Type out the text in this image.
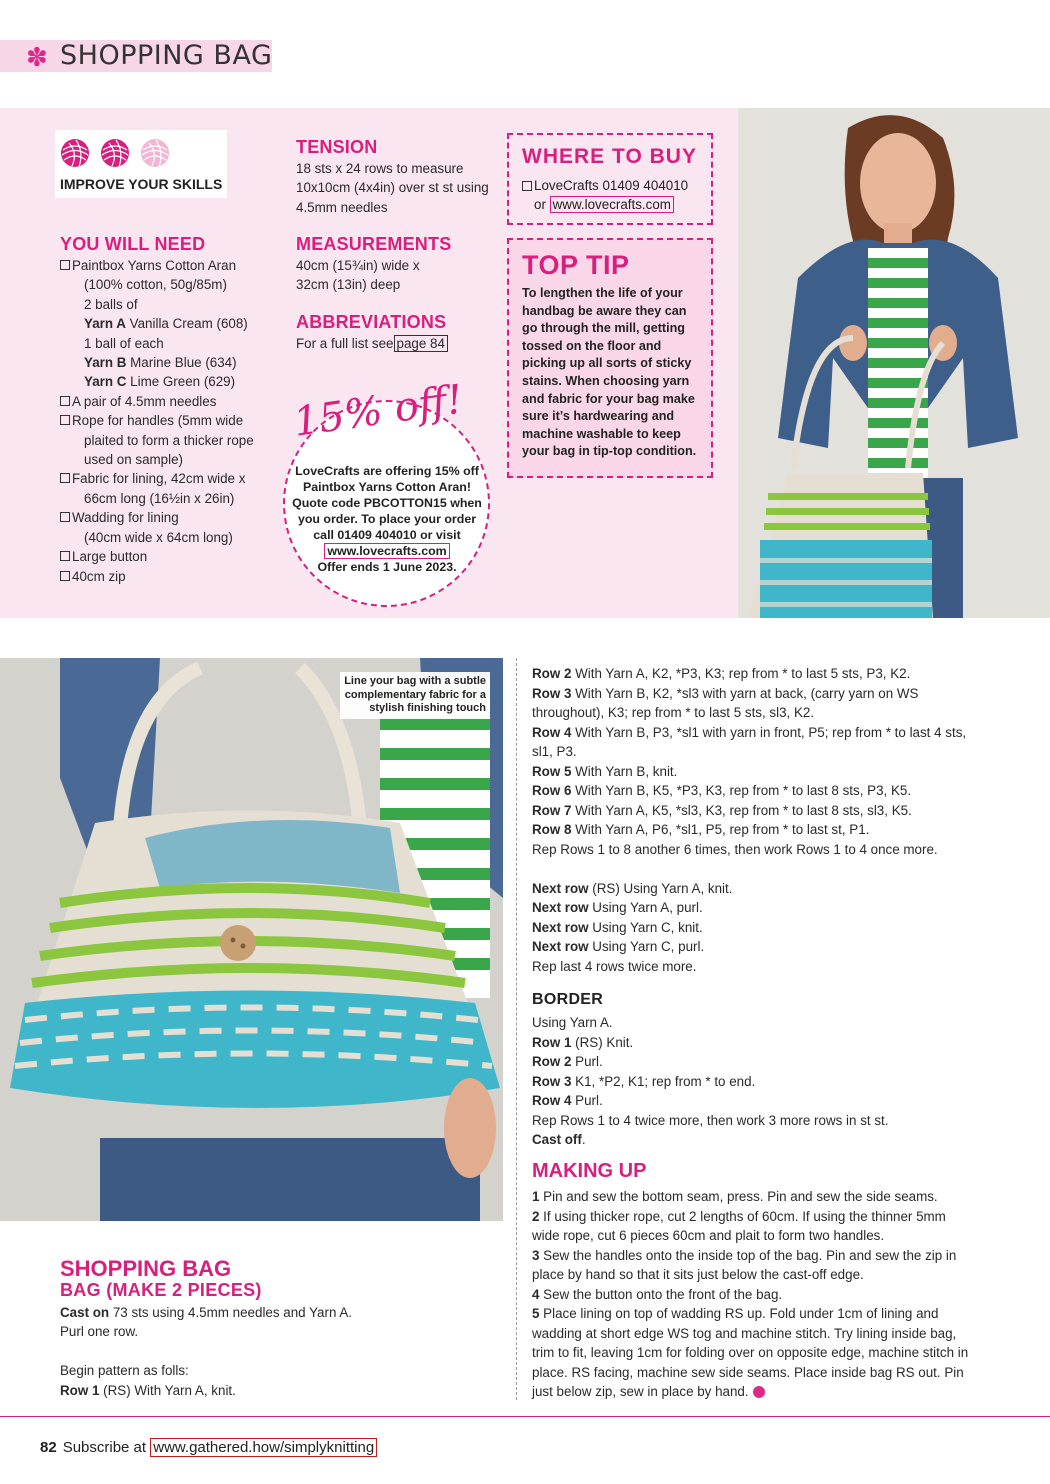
✽ SHOPPING BAG
IMPROVE YOUR SKILLS
YOU WILL NEED
Paintbox Yarns Cotton Aran
(100% cotton, 50g/85m)
2 balls of
Yarn A Vanilla Cream (608)
1 ball of each
Yarn B Marine Blue (634)
Yarn C Lime Green (629)
A pair of 4.5mm needles
Rope for handles (5mm wide
plaited to form a thicker rope
used on sample)
Fabric for lining, 42cm wide x
66cm long (16½in x 26in)
Wadding for lining
(40cm wide x 64cm long)
Large button
40cm zip
TENSION
18 sts x 24 rows to measure
10x10cm (4x4in) over st st using
4.5mm needles
MEASUREMENTS
40cm (15¾in) wide x
32cm (13in) deep
ABBREVIATIONS
For a full list see page 84
WHERE TO BUY
LoveCrafts 01409 404010
or www.lovecrafts.com
TOP TIP
To lengthen the life of your handbag be aware they can go through the mill, getting tossed on the floor and picking up all sorts of sticky stains. When choosing yarn and fabric for your bag make sure it’s hardwearing and machine washable to keep your bag in tip-top condition.
15% off!
LoveCrafts are offering 15% off Paintbox Yarns Cotton Aran! Quote code PBCOTTON15 when you order. To place your order call 01409 404010 or visit
www.lovecrafts.com
Offer ends 1 June 2023.
Line your bag with a subtle complementary fabric for a stylish finishing touch

Row 2 With Yarn A, K2, *P3, K3; rep from * to last 5 sts, P3, K2.

Row 3 With Yarn B, K2, *sl3 with yarn at back, (carry yarn on WS throughout), K3; rep from * to last 5 sts, sl3, K2.

Row 4 With Yarn B, P3, *sl1 with yarn in front, P5; rep from * to last 4 sts, sl1, P3.

Row 5 With Yarn B, knit.

Row 6 With Yarn B, K5, *P3, K3, rep from * to last 8 sts, P3, K5.

Row 7 With Yarn A, K5, *sl3, K3, rep from * to last 8 sts, sl3, K5.

Row 8 With Yarn A, P6, *sl1, P5, rep from * to last st, P1.

Rep Rows 1 to 8 another 6 times, then work Rows 1 to 4 once more.

Next row (RS) Using Yarn A, knit.

Next row Using Yarn A, purl.

Next row Using Yarn C, knit.

Next row Using Yarn C, purl.

Rep last 4 rows twice more.

BORDER

Using Yarn A.

Row 1 (RS) Knit.

Row 2 Purl.

Row 3 K1, *P2, K1; rep from * to end.

Row 4 Purl.

Rep Rows 1 to 4 twice more, then work 3 more rows in st st.

Cast off.

MAKING UP

1 Pin and sew the bottom seam, press. Pin and sew the side seams.

2 If using thicker rope, cut 2 lengths of 60cm. If using the thinner 5mm wide rope, cut 6 pieces 60cm and plait to form two handles.

3 Sew the handles onto the inside top of the bag. Pin and sew the zip in place by hand so that it sits just below the cast-off edge.

4 Sew the button onto the front of the bag.

5 Place lining on top of wadding RS up. Fold under 1cm of lining and wadding at short edge WS tog and machine stitch. Try lining inside bag, trim to fit, leaving 1cm for folding over on opposite edge, machine stitch in place. RS facing, machine sew side seams. Place inside bag RS out. Pin just below zip, sew in place by hand.

SHOPPING BAG
BAG (MAKE 2 PIECES)
Cast on 73 sts using 4.5mm needles and Yarn A.
Purl one row.
Begin pattern as folls:
Row 1 (RS) With Yarn A, knit.
82 Subscribe at www.gathered.how/simplyknitting
